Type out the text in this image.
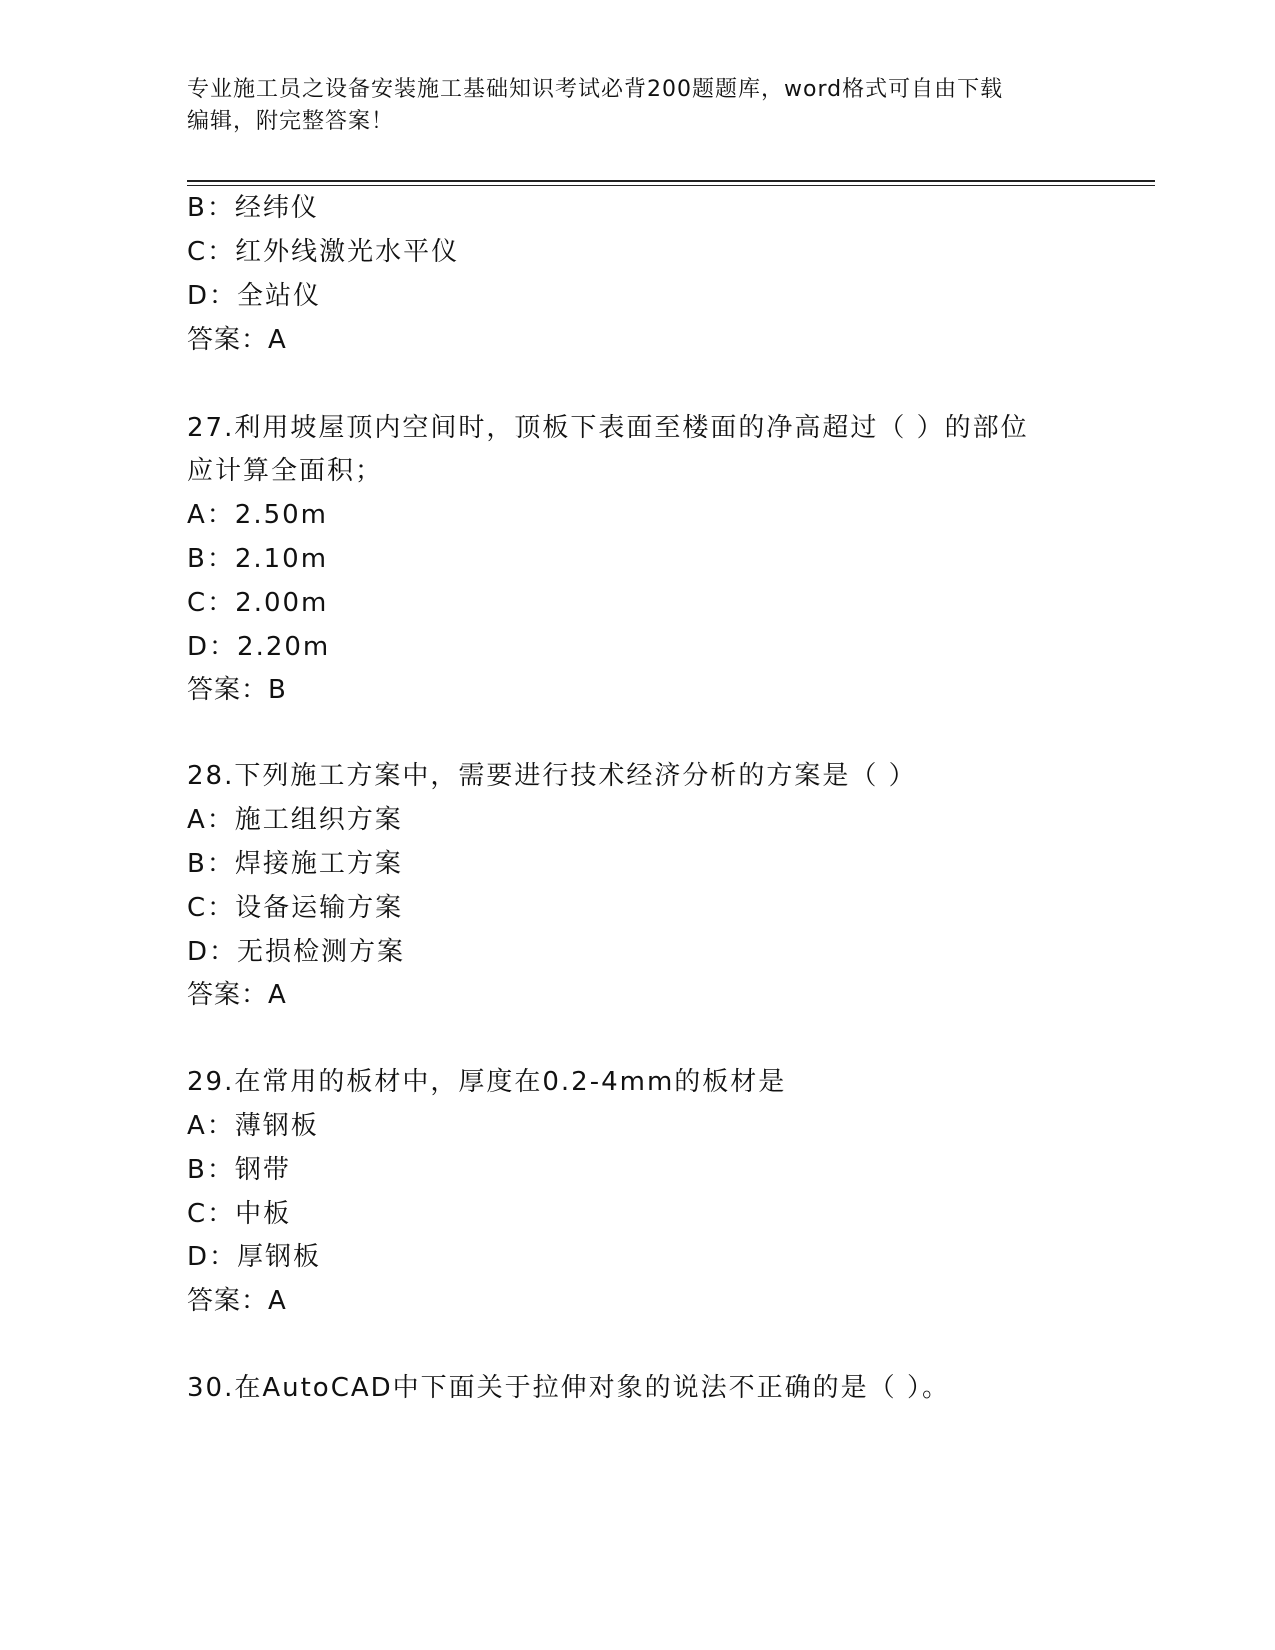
专业施工员之设备安装施工基础知识考试必背200题题库，word格式可自由下载
编辑，附完整答案！
B：经纬仪
C：红外线激光水平仪
D：全站仪
答案：A
27.利用坡屋顶内空间时，顶板下表面至楼面的净高超过（ ）的部位
应计算全面积；
A：2.50m
B：2.10m
C：2.00m
D：2.20m
答案：B
28.下列施工方案中，需要进行技术经济分析的方案是（ ）
A：施工组织方案
B：焊接施工方案
C：设备运输方案
D：无损检测方案
答案：A
29.在常用的板材中，厚度在0.2-4mm的板材是
A：薄钢板
B：钢带
C：中板
D：厚钢板
答案：A
30.在AutoCAD中下面关于拉伸对象的说法不正确的是（ ）。
